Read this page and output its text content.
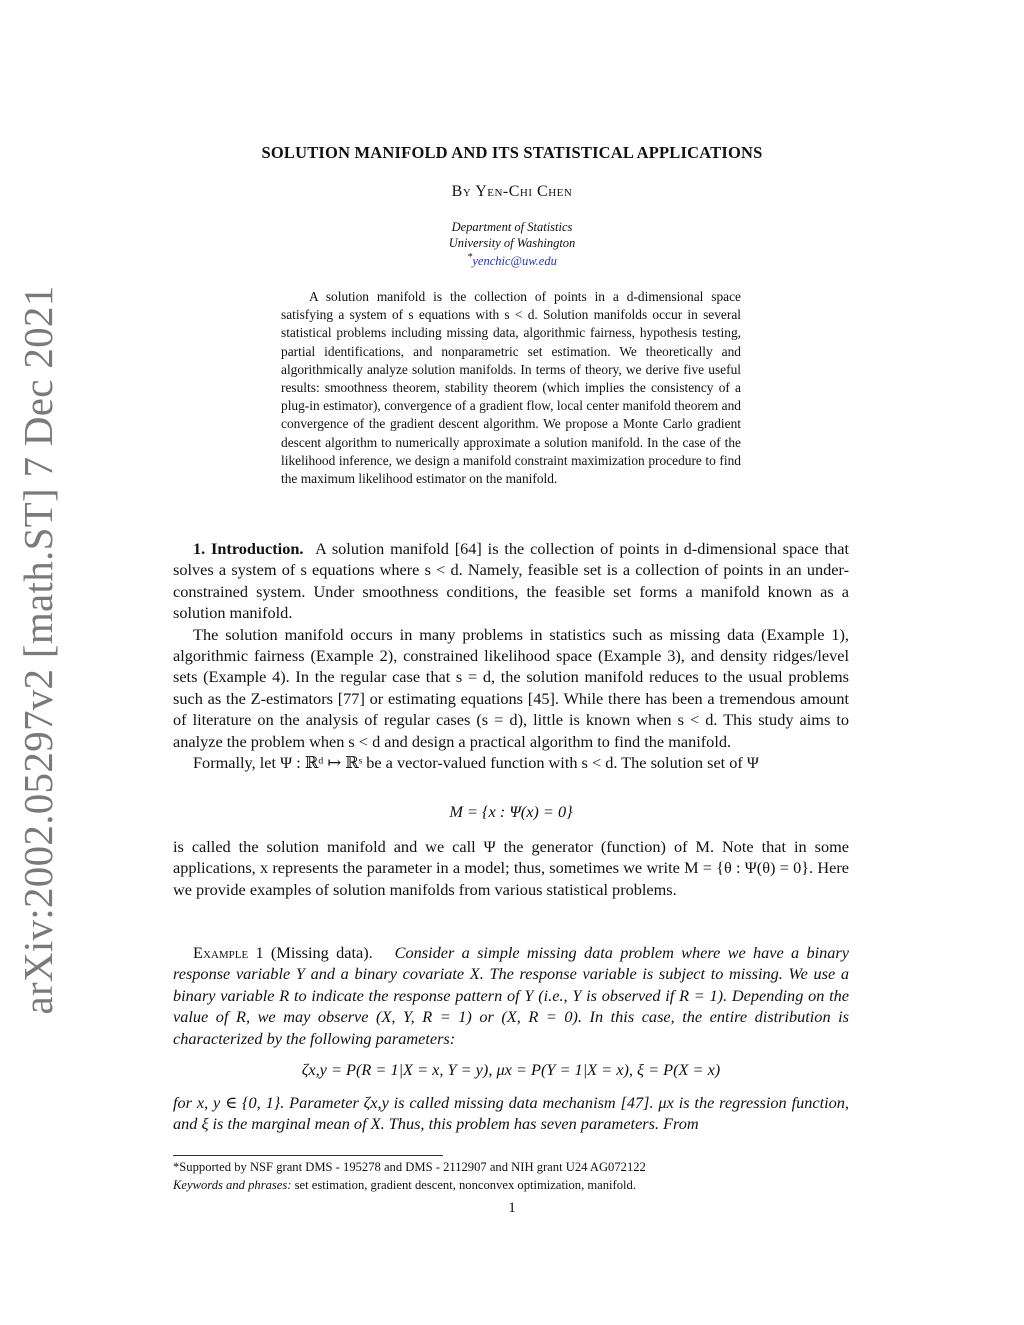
arXiv:2002.05297v2 [math.ST] 7 Dec 2021
SOLUTION MANIFOLD AND ITS STATISTICAL APPLICATIONS
By Yen-Chi Chen
Department of Statistics
University of Washington
*yenchic@uw.edu
A solution manifold is the collection of points in a d-dimensional space satisfying a system of s equations with s < d. Solution manifolds occur in several statistical problems including missing data, algorithmic fairness, hypothesis testing, partial identifications, and nonparametric set estimation. We theoretically and algorithmically analyze solution manifolds. In terms of theory, we derive five useful results: smoothness theorem, stability theorem (which implies the consistency of a plug-in estimator), convergence of a gradient flow, local center manifold theorem and convergence of the gradient descent algorithm. We propose a Monte Carlo gradient descent algorithm to numerically approximate a solution manifold. In the case of the likelihood inference, we design a manifold constraint maximization procedure to find the maximum likelihood estimator on the manifold.
1. Introduction. A solution manifold [64] is the collection of points in d-dimensional space that solves a system of s equations where s < d. Namely, feasible set is a collection of points in an under-constrained system. Under smoothness conditions, the feasible set forms a manifold known as a solution manifold.
The solution manifold occurs in many problems in statistics such as missing data (Example 1), algorithmic fairness (Example 2), constrained likelihood space (Example 3), and density ridges/level sets (Example 4). In the regular case that s = d, the solution manifold reduces to the usual problems such as the Z-estimators [77] or estimating equations [45]. While there has been a tremendous amount of literature on the analysis of regular cases (s = d), little is known when s < d. This study aims to analyze the problem when s < d and design a practical algorithm to find the manifold.
Formally, let Ψ : ℝᵈ ↦ ℝˢ be a vector-valued function with s < d. The solution set of Ψ
M = {x : Ψ(x) = 0}
is called the solution manifold and we call Ψ the generator (function) of M. Note that in some applications, x represents the parameter in a model; thus, sometimes we write M = {θ : Ψ(θ) = 0}. Here we provide examples of solution manifolds from various statistical problems.
Example 1 (Missing data). Consider a simple missing data problem where we have a binary response variable Y and a binary covariate X. The response variable is subject to missing. We use a binary variable R to indicate the response pattern of Y (i.e., Y is observed if R = 1). Depending on the value of R, we may observe (X, Y, R = 1) or (X, R = 0). In this case, the entire distribution is characterized by the following parameters:
ζx,y = P(R = 1|X = x, Y = y), μx = P(Y = 1|X = x), ξ = P(X = x)
for x, y ∈ {0, 1}. Parameter ζx,y is called missing data mechanism [47]. μx is the regression function, and ξ is the marginal mean of X. Thus, this problem has seven parameters. From
*Supported by NSF grant DMS - 195278 and DMS - 2112907 and NIH grant U24 AG072122
Keywords and phrases: set estimation, gradient descent, nonconvex optimization, manifold.
1
